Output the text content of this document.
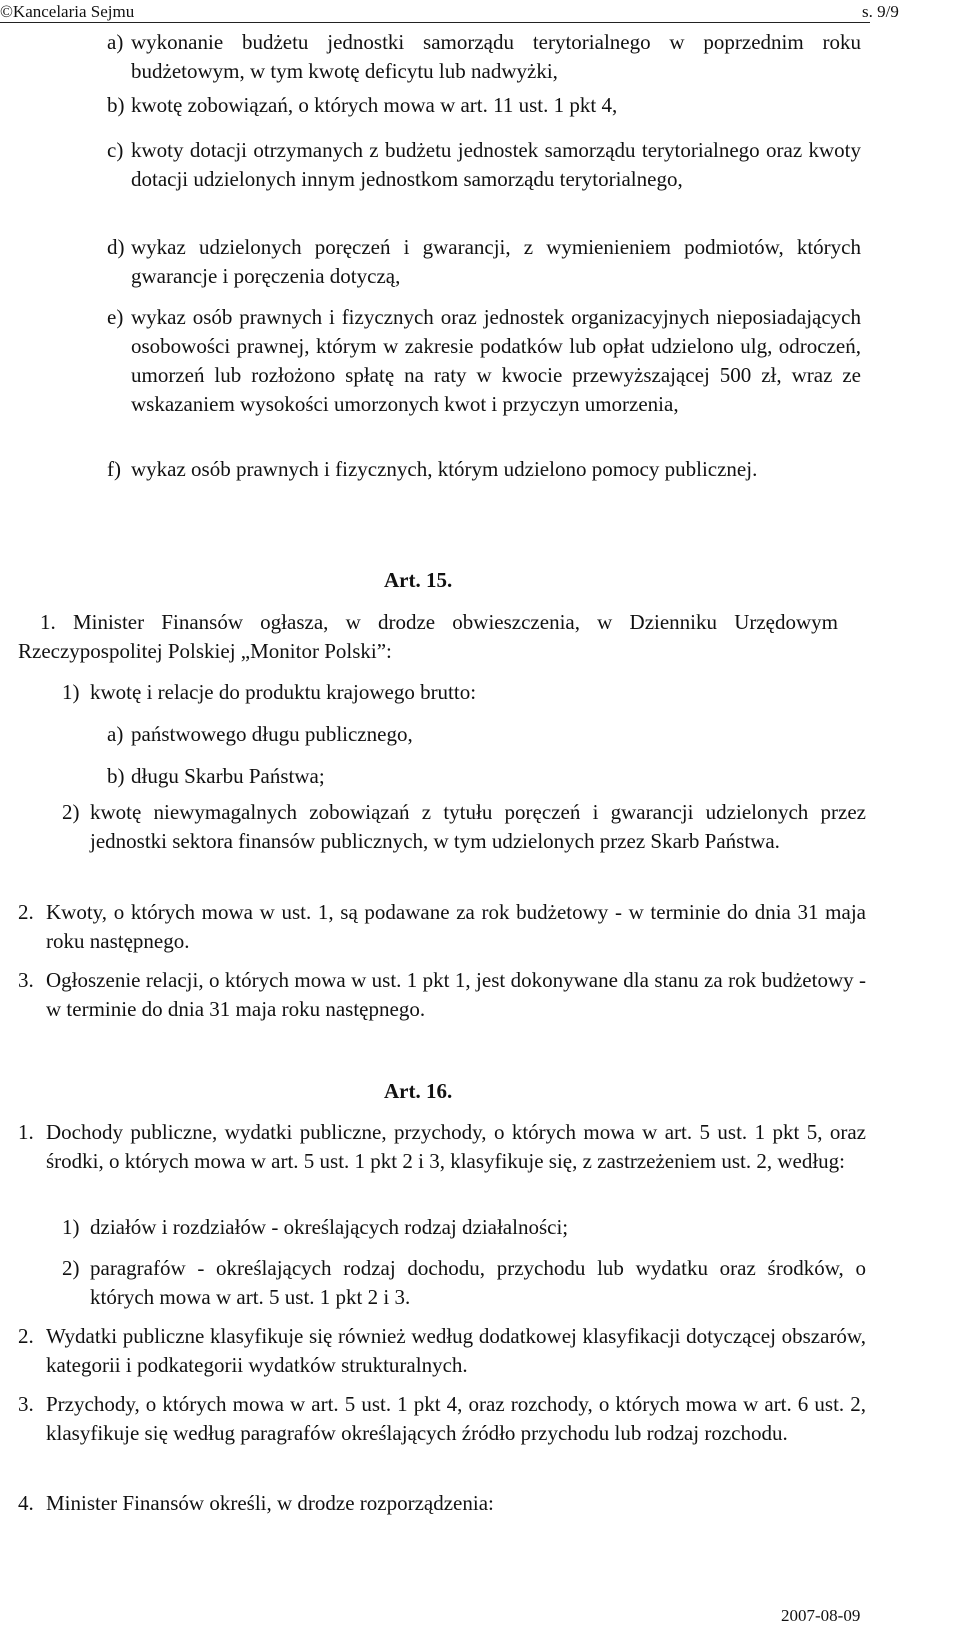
©Kancelaria Sejmu	s. 9/9
a) wykonanie budżetu jednostki samorządu terytorialnego w poprzednim roku budżetowym, w tym kwotę deficytu lub nadwyżki,
b) kwotę zobowiązań, o których mowa w art. 11 ust. 1 pkt 4,
c) kwoty dotacji otrzymanych z budżetu jednostek samorządu terytorialnego oraz kwoty dotacji udzielonych innym jednostkom samorządu terytorialnego,
d) wykaz udzielonych poręczeń i gwarancji, z wymienieniem podmiotów, których gwarancje i poręczenia dotyczą,
e) wykaz osób prawnych i fizycznych oraz jednostek organizacyjnych nieposiadających osobowości prawnej, którym w zakresie podatków lub opłat udzielono ulg, odroczeń, umorzeń lub rozłożono spłatę na raty w kwocie przewyższającej 500 zł, wraz ze wskazaniem wysokości umorzonych kwot i przyczyn umorzenia,
f) wykaz osób prawnych i fizycznych, którym udzielono pomocy publicznej.
Art. 15.
1. Minister Finansów ogłasza, w drodze obwieszczenia, w Dzienniku Urzędowym Rzeczypospolitej Polskiej „Monitor Polski”:
1) kwotę i relacje do produktu krajowego brutto:
a) państwowego długu publicznego,
b) długu Skarbu Państwa;
2) kwotę niewymagalnych zobowiązań z tytułu poręczeń i gwarancji udzielonych przez jednostki sektora finansów publicznych, w tym udzielonych przez Skarb Państwa.
2. Kwoty, o których mowa w ust. 1, są podawane za rok budżetowy - w terminie do dnia 31 maja roku następnego.
3. Ogłoszenie relacji, o których mowa w ust. 1 pkt 1, jest dokonywane dla stanu za rok budżetowy - w terminie do dnia 31 maja roku następnego.
Art. 16.
1. Dochody publiczne, wydatki publiczne, przychody, o których mowa w art. 5 ust. 1 pkt 5, oraz środki, o których mowa w art. 5 ust. 1 pkt 2 i 3, klasyfikuje się, z zastrzeżeniem ust. 2, według:
1) działów i rozdziałów - określających rodzaj działalności;
2) paragrafów - określających rodzaj dochodu, przychodu lub wydatku oraz środków, o których mowa w art. 5 ust. 1 pkt 2 i 3.
2. Wydatki publiczne klasyfikuje się również według dodatkowej klasyfikacji dotyczącej obszarów, kategorii i podkategorii wydatków strukturalnych.
3. Przychody, o których mowa w art. 5 ust. 1 pkt 4, oraz rozchody, o których mowa w art. 6 ust. 2, klasyfikuje się według paragrafów określających źródło przychodu lub rodzaj rozchodu.
4. Minister Finansów określi, w drodze rozporządzenia:
2007-08-09
